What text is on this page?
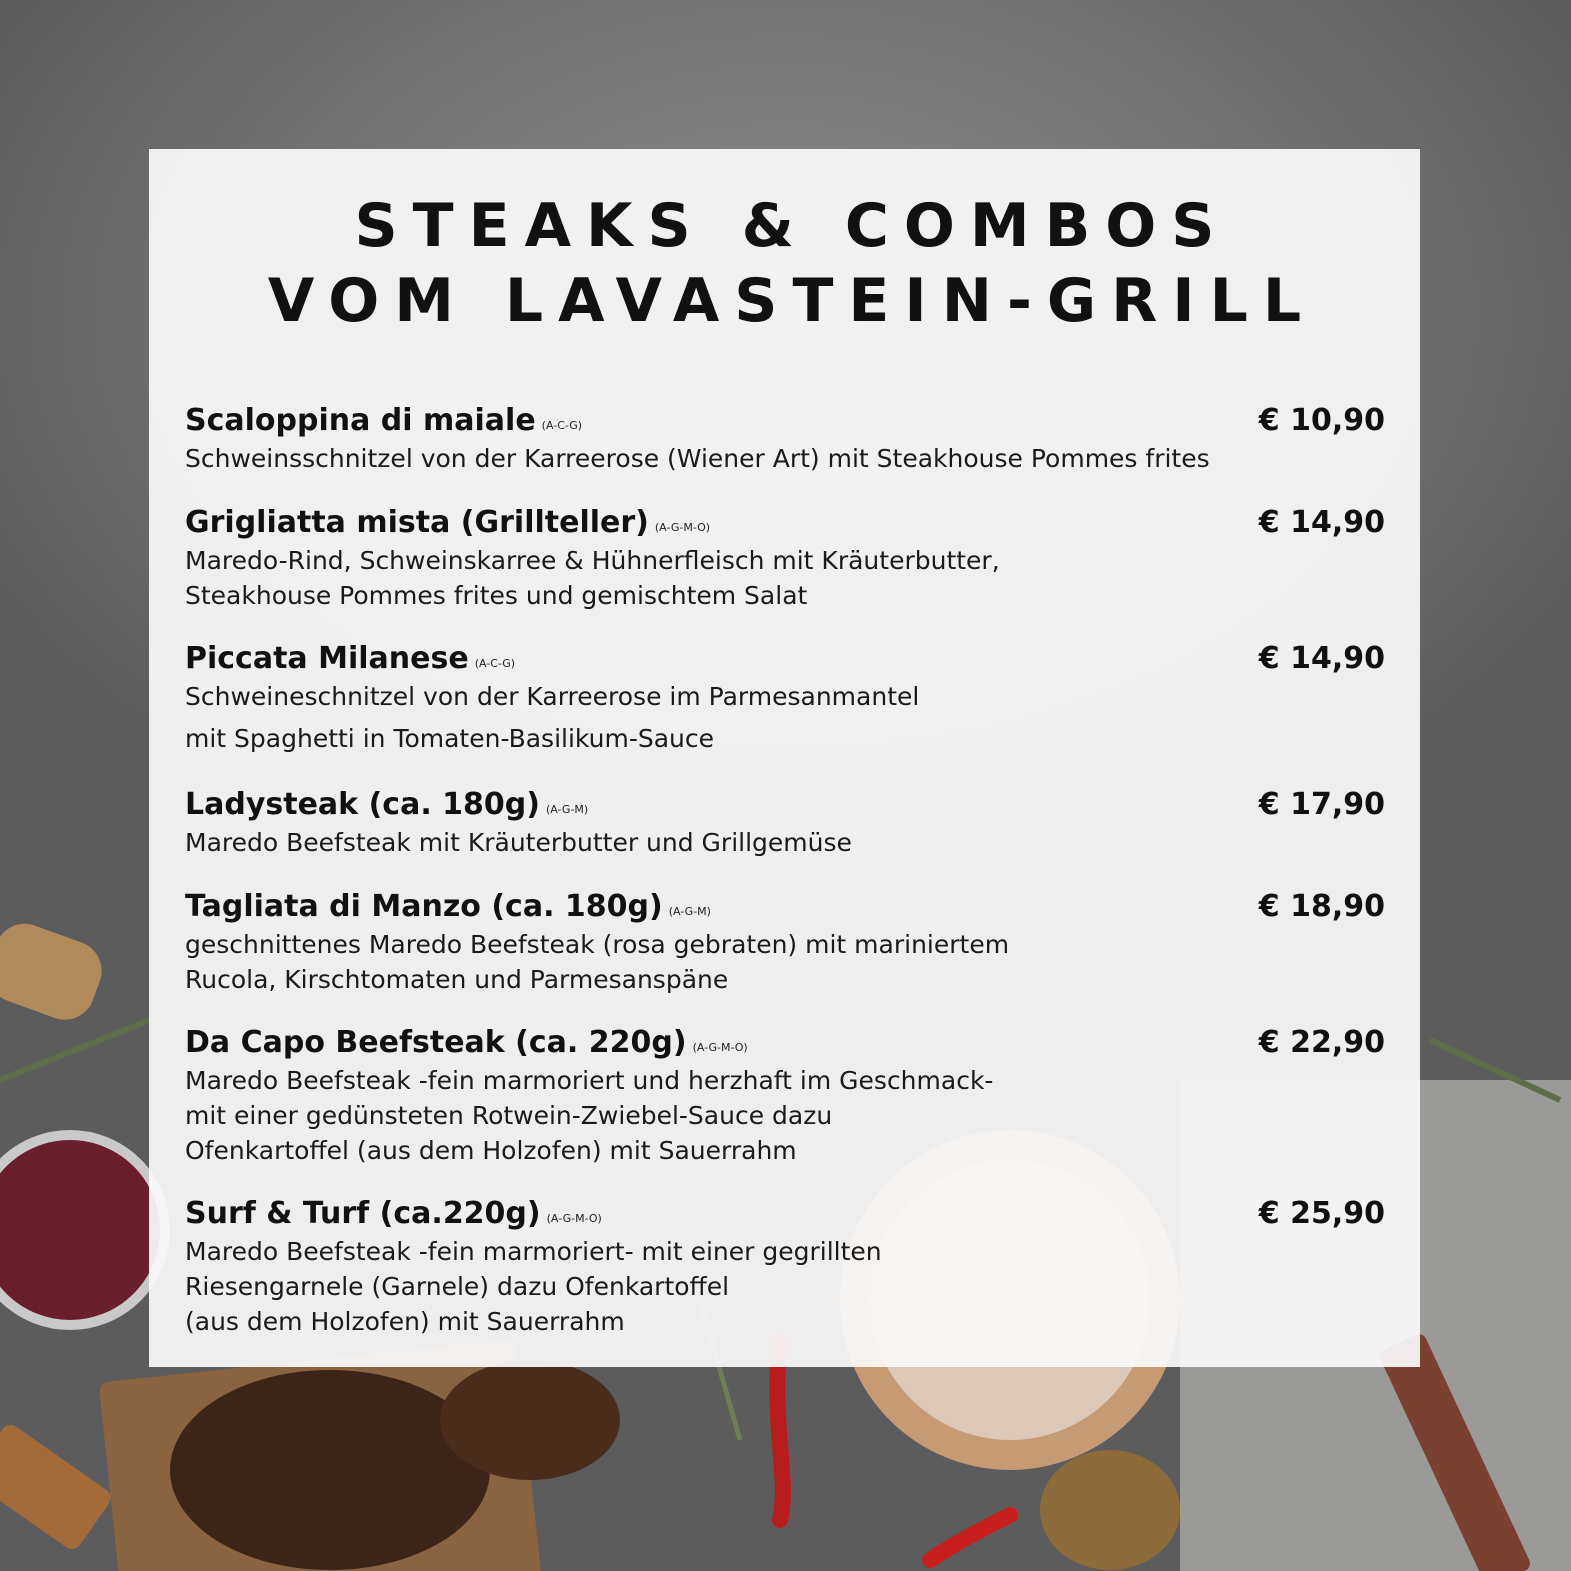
STEAKS & COMBOS
VOM LAVASTEIN-GRILL
Scaloppina di maiale (A-C-G)	€ 10,90
Schweinsschnitzel von der Karreerose (Wiener Art) mit Steakhouse Pommes frites
Grigliatta mista (Grillteller) (A-G-M-O)	€ 14,90
Maredo-Rind, Schweinskarree & Hühnerfleisch mit Kräuterbutter,
Steakhouse Pommes frites und gemischtem Salat
Piccata Milanese (A-C-G)	€ 14,90
Schweineschnitzel von der Karreerose im Parmesanmantel
mit Spaghetti in Tomaten-Basilikum-Sauce
Ladysteak (ca. 180g) (A-G-M)	€ 17,90
Maredo Beefsteak mit Kräuterbutter und Grillgemüse
Tagliata di Manzo (ca. 180g) (A-G-M)	€ 18,90
geschnittenes Maredo Beefsteak (rosa gebraten) mit mariniertem
Rucola, Kirschtomaten und Parmesanspäne
Da Capo Beefsteak (ca. 220g) (A-G-M-O)	€ 22,90
Maredo Beefsteak -fein marmoriert und herzhaft im Geschmack-
mit einer gedünsteten Rotwein-Zwiebel-Sauce dazu
Ofenkartoffel (aus dem Holzofen) mit Sauerrahm
Surf & Turf (ca.220g) (A-G-M-O)	€ 25,90
Maredo Beefsteak -fein marmoriert- mit einer gegrillten
Riesengarnele (Garnele) dazu Ofenkartoffel
(aus dem Holzofen) mit Sauerrahm
